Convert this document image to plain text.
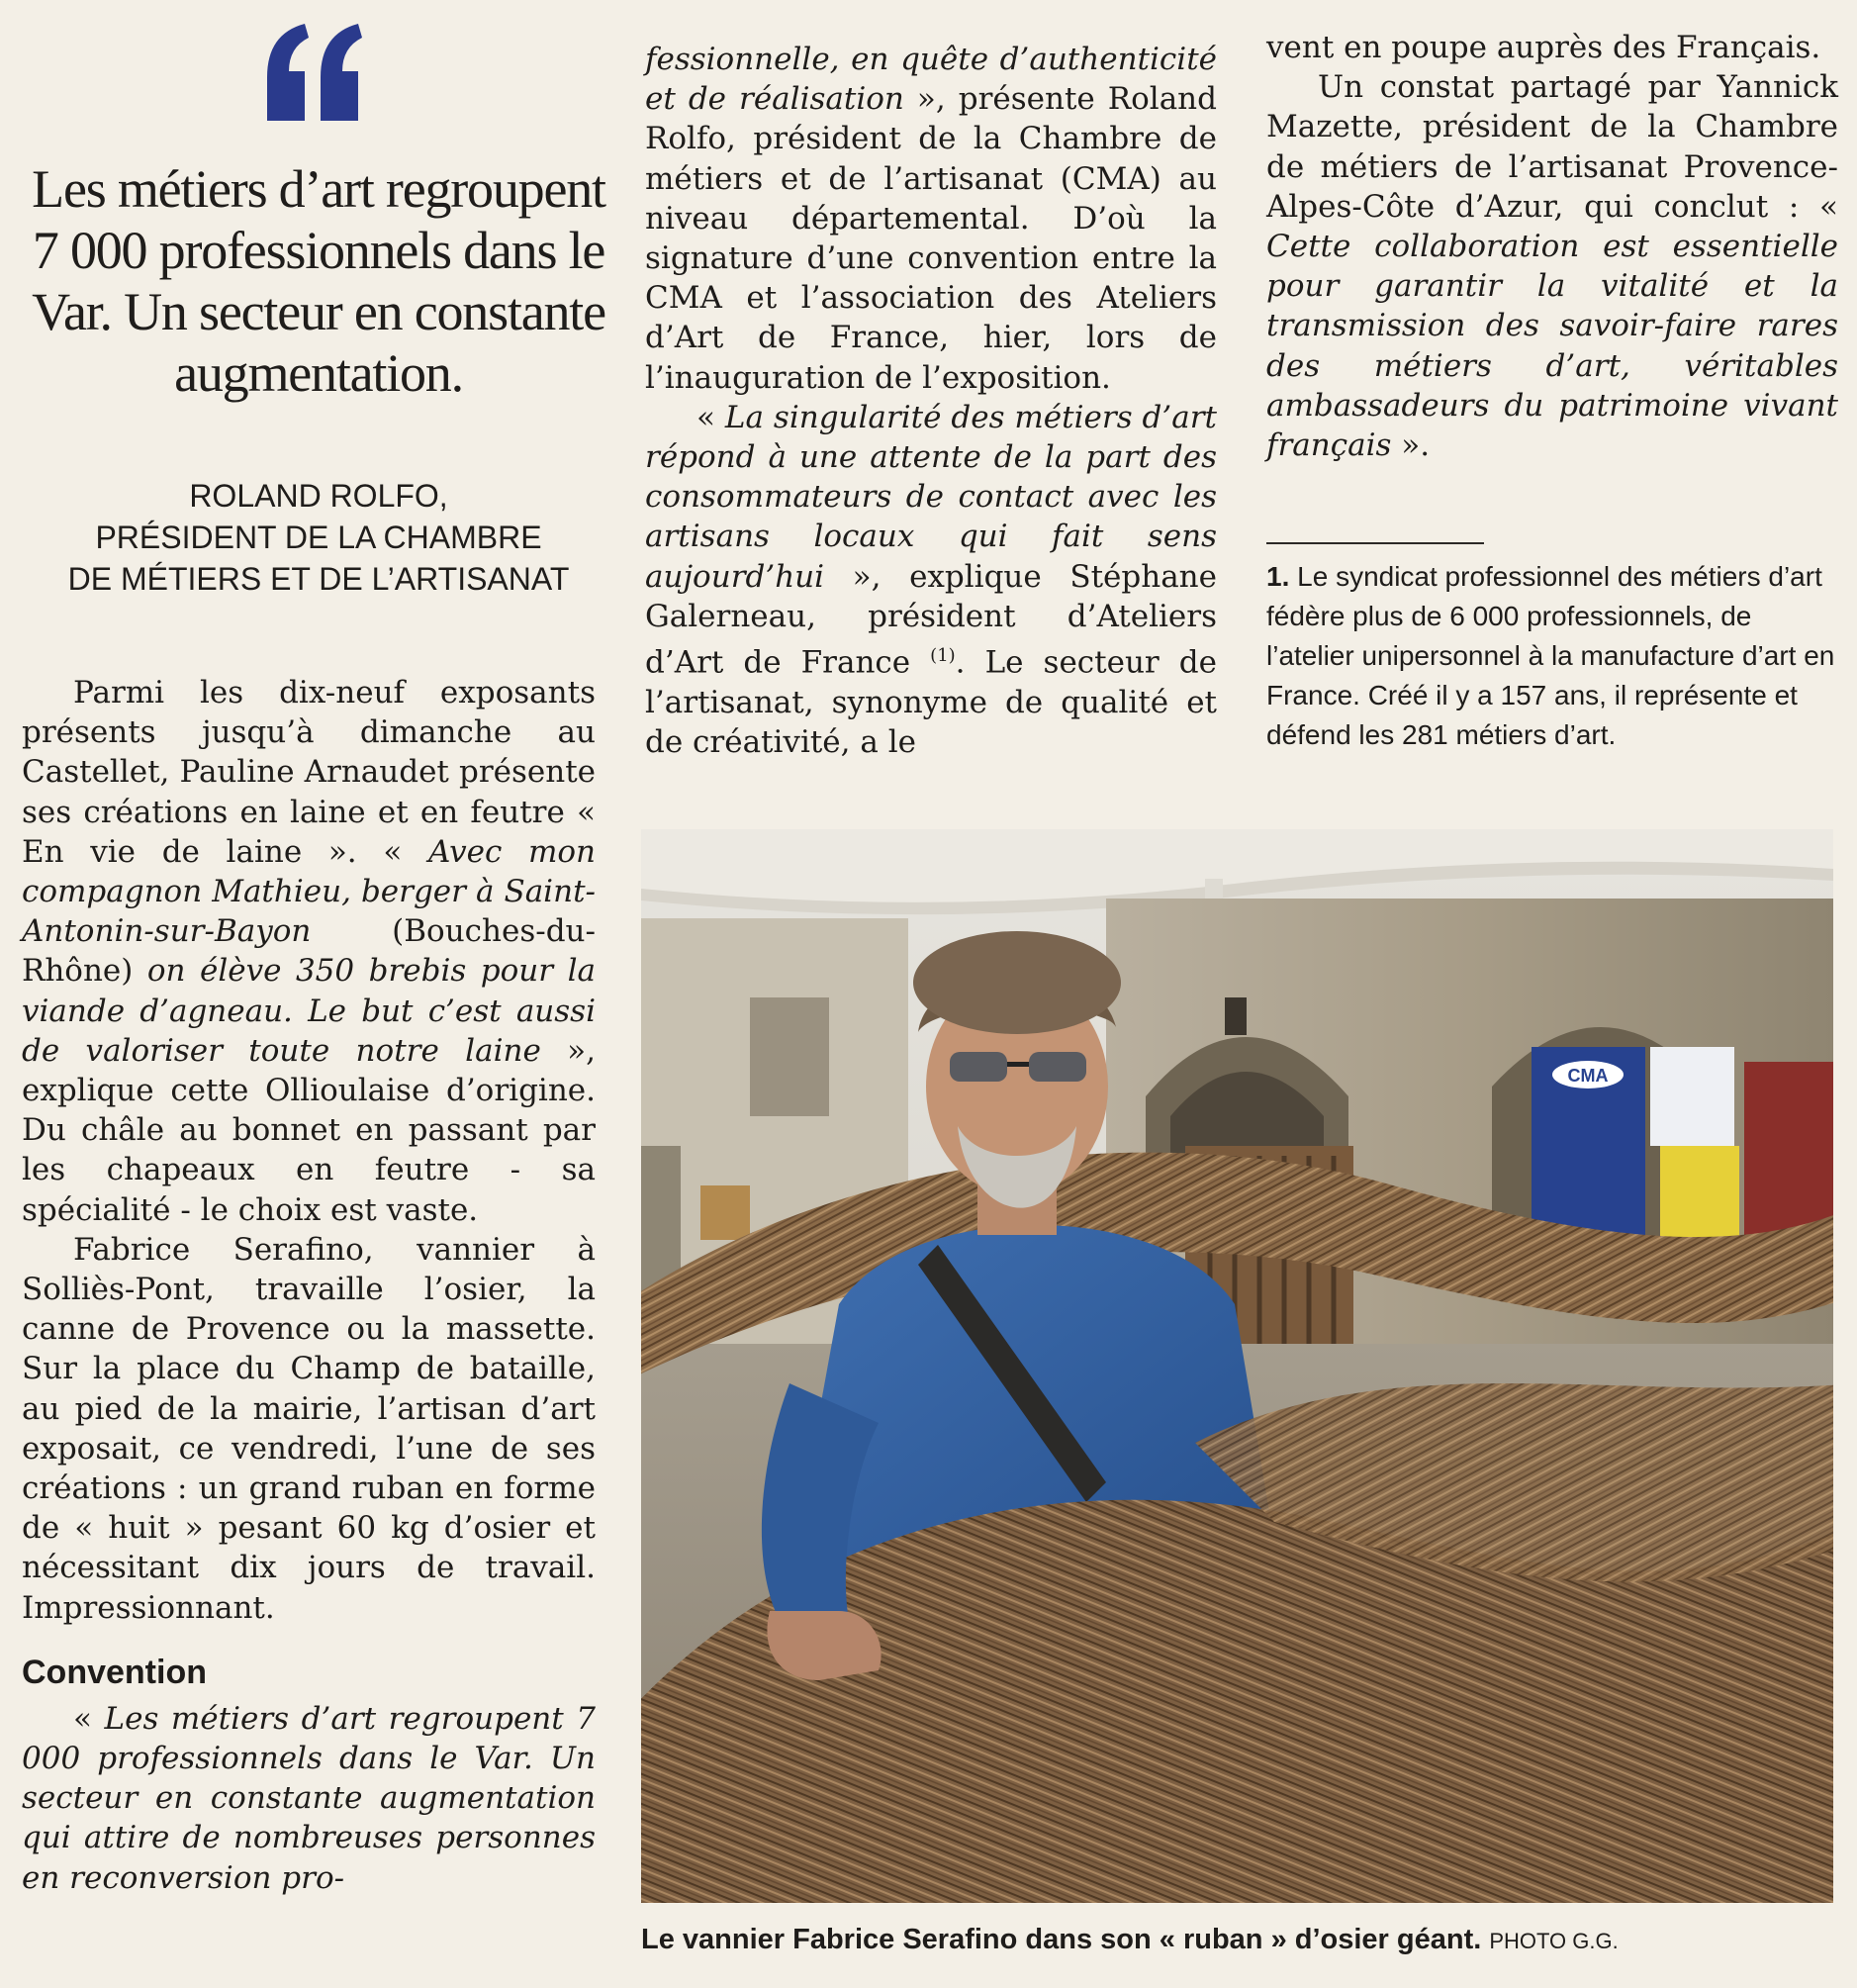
Les métiers d’art regroupent 7 000 professionnels dans le Var. Un secteur en constante augmentation.

ROLAND ROLFO,
PRÉSIDENT DE LA CHAMBRE
DE MÉTIERS ET DE L’ARTISANAT

Parmi les dix-neuf exposants présents jusqu’à dimanche au Castellet, Pauline Arnaudet présente ses créations en laine et en feutre « En vie de laine ». « Avec mon compagnon Mathieu, berger à Saint-Antonin-sur-Bayon (Bouches-du-Rhône) on élève 350 brebis pour la viande d’agneau. Le but c’est aussi de valoriser toute notre laine », explique cette Ollioulaise d’origine. Du châle au bonnet en passant par les chapeaux en feutre - sa spécialité - le choix est vaste.

Fabrice Serafino, vannier à Solliès-Pont, travaille l’osier, la canne de Provence ou la massette. Sur la place du Champ de bataille, au pied de la mairie, l’artisan d’art exposait, ce vendredi, l’une de ses créations : un grand ruban en forme de « huit » pesant 60 kg d’osier et nécessitant dix jours de travail. Impressionnant.

Convention

« Les métiers d’art regroupent 7 000 professionnels dans le Var. Un secteur en constante augmentation qui attire de nombreuses personnes en reconversion pro-

fessionnelle, en quête d’authenticité et de réalisation », présente Roland Rolfo, président de la Chambre de métiers et de l’artisanat (CMA) au niveau départemental. D’où la signature d’une convention entre la CMA et l’association des Ateliers d’Art de France, hier, lors de l’inauguration de l’exposition.

« La singularité des métiers d’art répond à une attente de la part des consommateurs de contact avec les artisans locaux qui fait sens aujourd’hui », explique Stéphane Galerneau, président d’Ateliers d’Art de France $^{(1)}$. Le secteur de l’artisanat, synonyme de qualité et de créativité, a le

vent en poupe auprès des Français.

Un constat partagé par Yannick Mazette, président de la Chambre de métiers de l’artisanat Provence-Alpes-Côte d’Azur, qui conclut : « Cette collaboration est essentielle pour garantir la vitalité et la transmission des savoir-faire rares des métiers d’art, véritables ambassadeurs du patrimoine vivant français ».

1. Le syndicat professionnel des métiers d’art fédère plus de 6 000 professionnels, de l’atelier unipersonnel à la manufacture d’art en France. Créé il y a 157 ans, il représente et défend les 281 métiers d’art.
CMA
Le vannier Fabrice Serafino dans son « ruban » d’osier géant. PHOTO G.G.
